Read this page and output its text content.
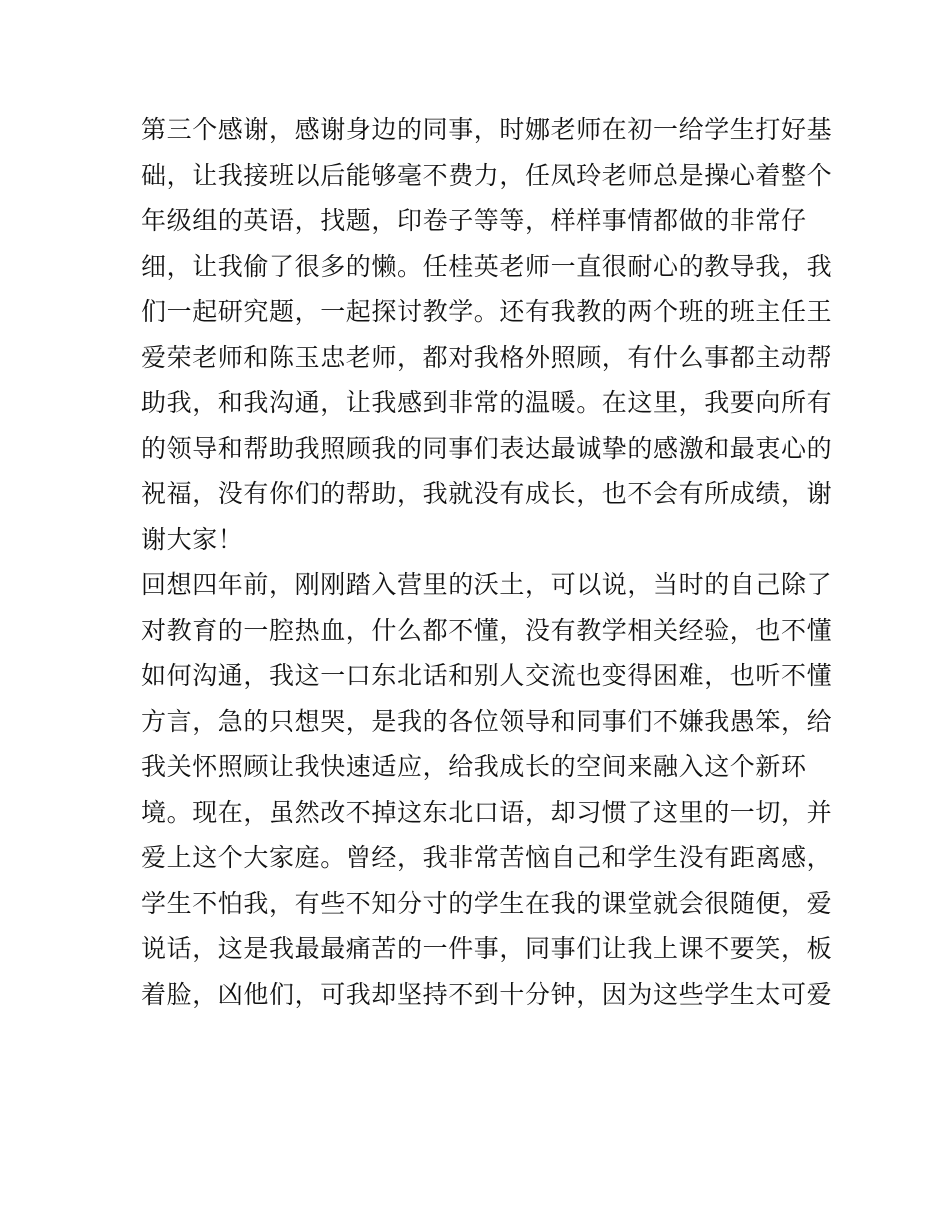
第三个感谢，感谢身边的同事，时娜老师在初一给学生打好基
础，让我接班以后能够毫不费力，任凤玲老师总是操心着整个
年级组的英语，找题，印卷子等等，样样事情都做的非常仔
细，让我偷了很多的懒。任桂英老师一直很耐心的教导我，我
们一起研究题，一起探讨教学。还有我教的两个班的班主任王
爱荣老师和陈玉忠老师，都对我格外照顾，有什么事都主动帮
助我，和我沟通，让我感到非常的温暖。在这里，我要向所有
的领导和帮助我照顾我的同事们表达最诚挚的感激和最衷心的
祝福，没有你们的帮助，我就没有成长，也不会有所成绩，谢
谢大家！
回想四年前，刚刚踏入营里的沃土，可以说，当时的自己除了
对教育的一腔热血，什么都不懂，没有教学相关经验，也不懂
如何沟通，我这一口东北话和别人交流也变得困难，也听不懂
方言，急的只想哭，是我的各位领导和同事们不嫌我愚笨，给
我关怀照顾让我快速适应，给我成长的空间来融入这个新环
境。现在，虽然改不掉这东北口语，却习惯了这里的一切，并
爱上这个大家庭。曾经，我非常苦恼自己和学生没有距离感，
学生不怕我，有些不知分寸的学生在我的课堂就会很随便，爱
说话，这是我最最痛苦的一件事，同事们让我上课不要笑，板
着脸，凶他们，可我却坚持不到十分钟，因为这些学生太可爱
